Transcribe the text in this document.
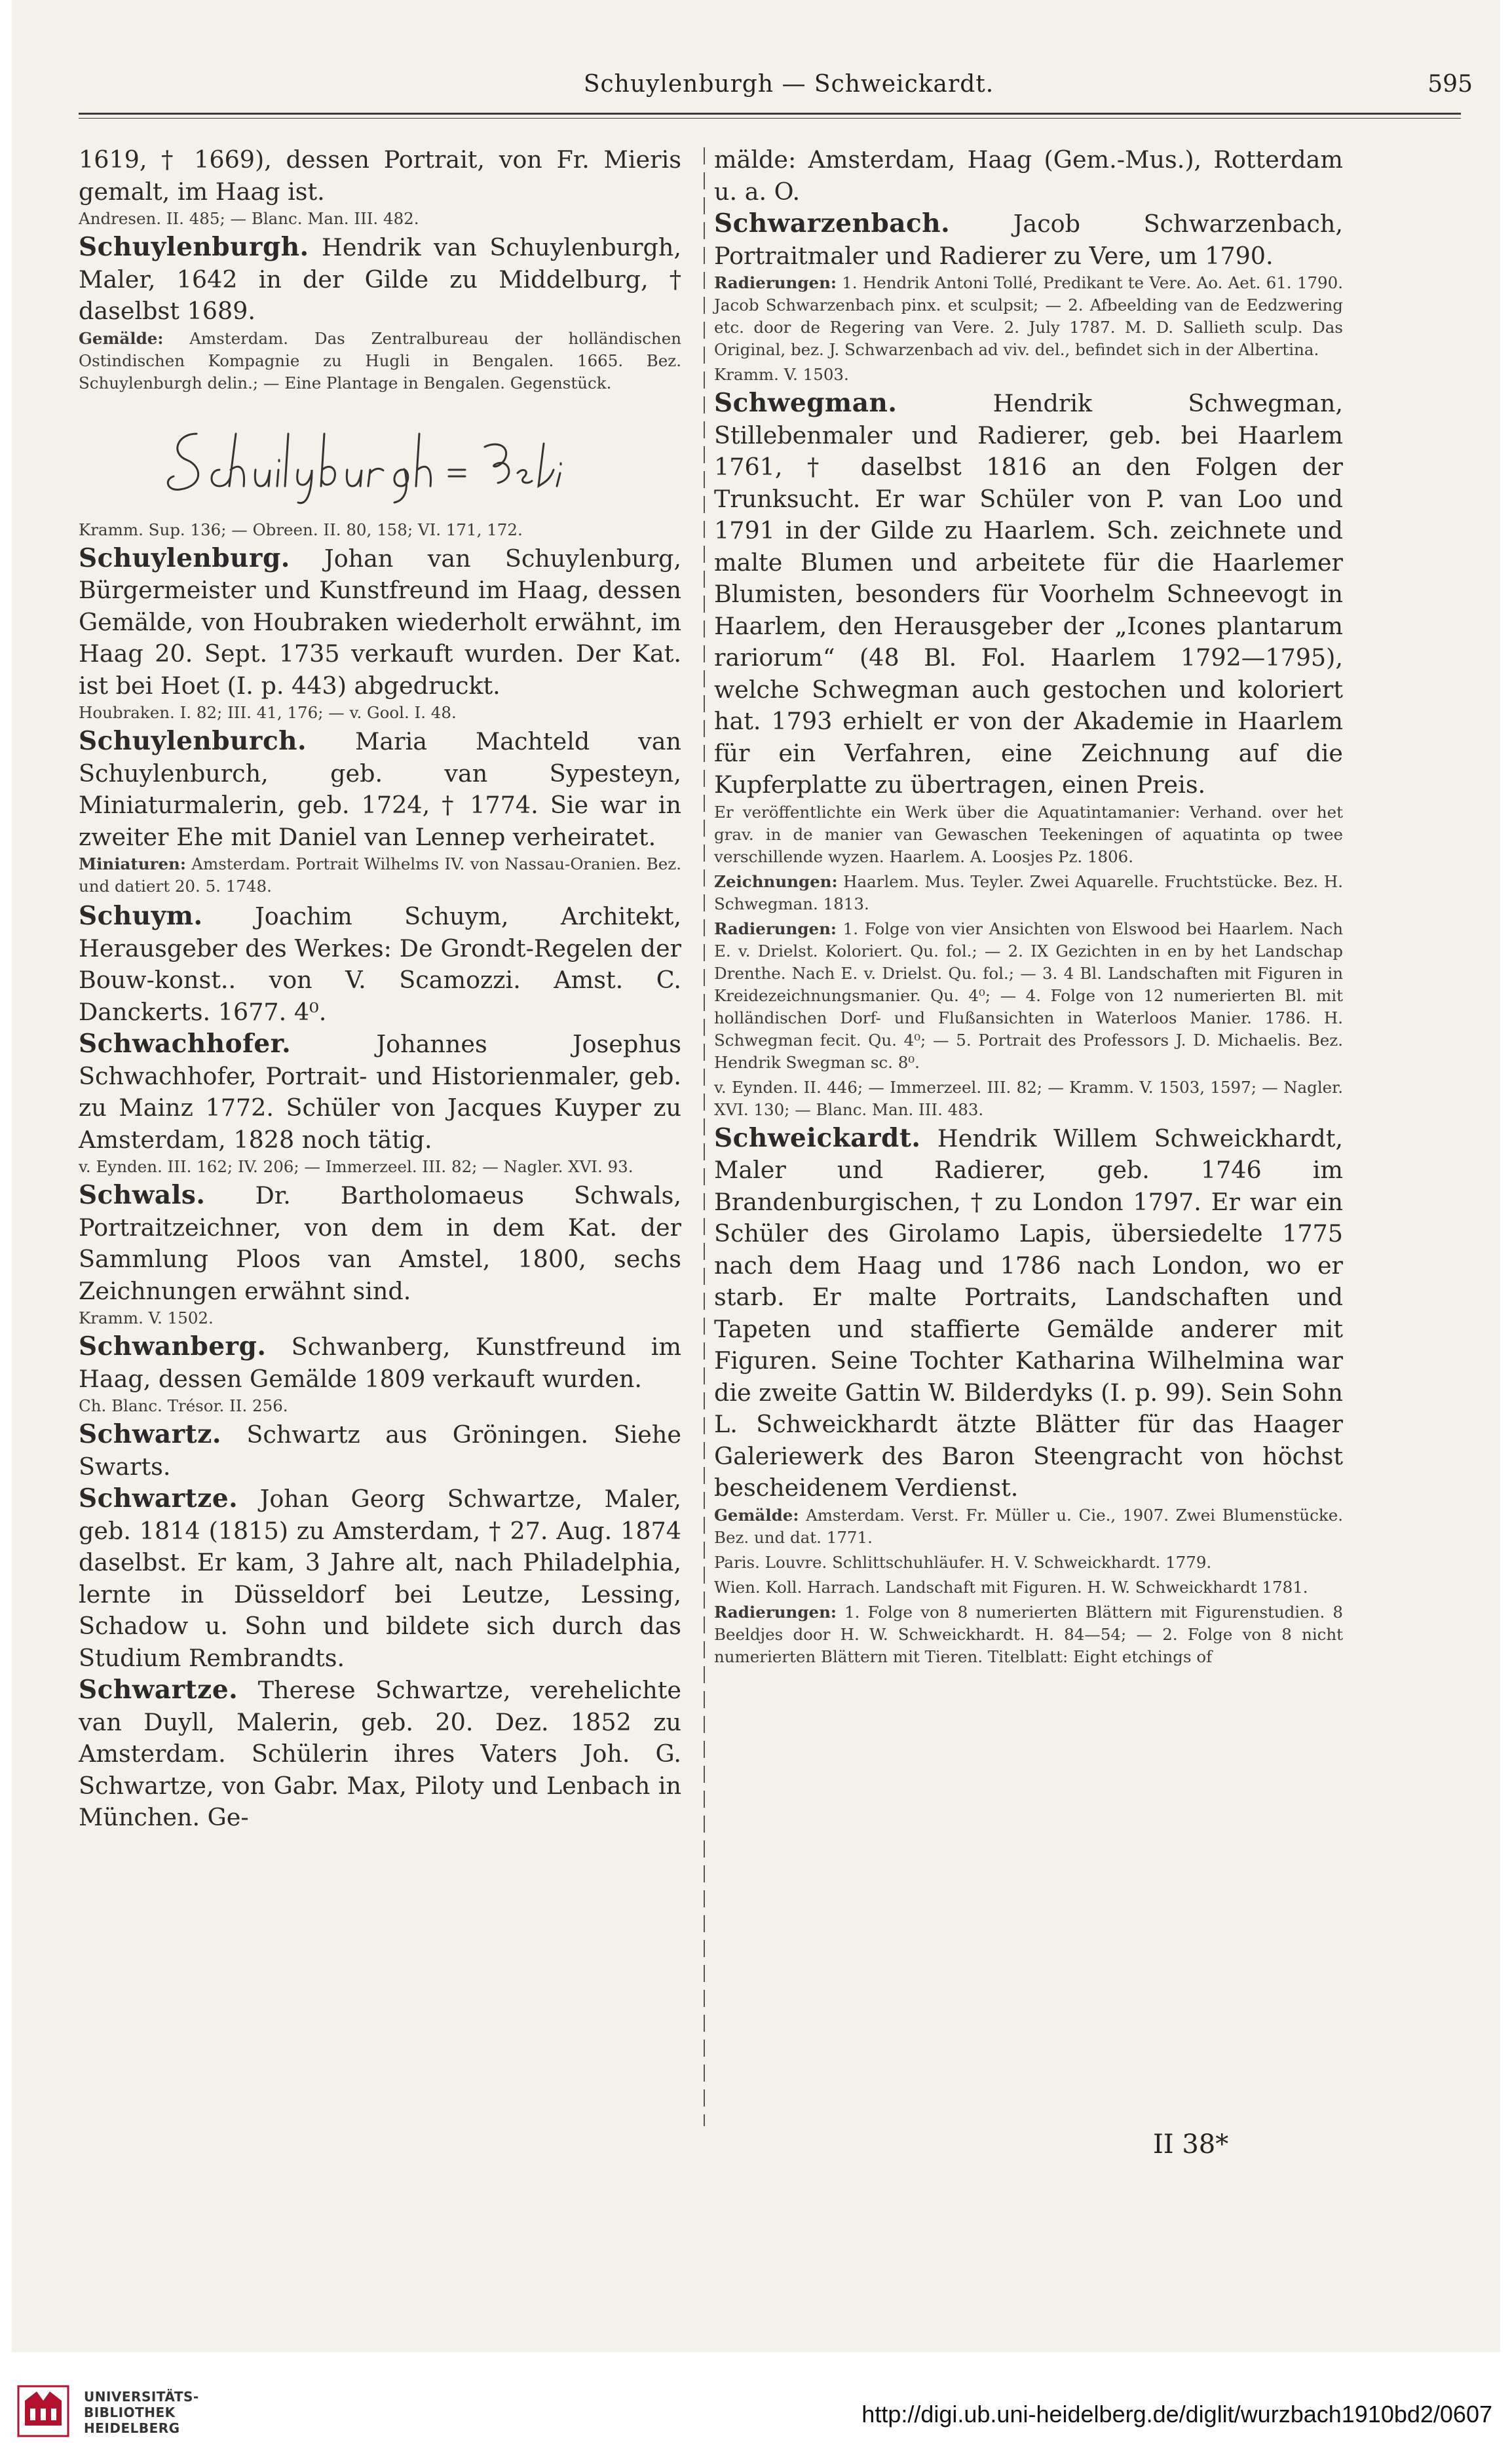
Schuylenburgh — Schweickardt.	595

1619, † 1669), dessen Portrait, von Fr. Mieris gemalt, im Haag ist.

Andresen. II. 485; — Blanc. Man. III. 482.

Schuylenburgh. Hendrik van Schuylenburgh, Maler, 1642 in der Gilde zu Middelburg, † daselbst 1689.

Gemälde: Amsterdam. Das Zentralbureau der holländischen Ostindischen Kompagnie zu Hugli in Bengalen. 1665. Bez. Schuylenburgh delin.; — Eine Plantage in Bengalen. Gegenstück.

Kramm. Sup. 136; — Obreen. II. 80, 158; VI. 171, 172.

Schuylenburg. Johan van Schuylenburg, Bürgermeister und Kunstfreund im Haag, dessen Gemälde, von Houbraken wiederholt erwähnt, im Haag 20. Sept. 1735 verkauft wurden. Der Kat. ist bei Hoet (I. p. 443) abgedruckt.

Houbraken. I. 82; III. 41, 176; — v. Gool. I. 48.

Schuylenburch. Maria Machteld van Schuylenburch, geb. van Sypesteyn, Miniaturmalerin, geb. 1724, † 1774. Sie war in zweiter Ehe mit Daniel van Lennep verheiratet.

Miniaturen: Amsterdam. Portrait Wilhelms IV. von Nassau-Oranien. Bez. und datiert 20. 5. 1748.

Schuym. Joachim Schuym, Architekt, Herausgeber des Werkes: De Grondt-Regelen der Bouw-konst.. von V. Scamozzi. Amst. C. Danckerts. 1677. 4⁰.

Schwachhofer. Johannes Josephus Schwachhofer, Portrait- und Historienmaler, geb. zu Mainz 1772. Schüler von Jacques Kuyper zu Amsterdam, 1828 noch tätig.

v. Eynden. III. 162; IV. 206; — Immerzeel. III. 82; — Nagler. XVI. 93.

Schwals. Dr. Bartholomaeus Schwals, Portraitzeichner, von dem in dem Kat. der Sammlung Ploos van Amstel, 1800, sechs Zeichnungen erwähnt sind.

Kramm. V. 1502.

Schwanberg. Schwanberg, Kunstfreund im Haag, dessen Gemälde 1809 verkauft wurden.

Ch. Blanc. Trésor. II. 256.

Schwartz. Schwartz aus Gröningen. Siehe Swarts.

Schwartze. Johan Georg Schwartze, Maler, geb. 1814 (1815) zu Amsterdam, † 27. Aug. 1874 daselbst. Er kam, 3 Jahre alt, nach Philadelphia, lernte in Düsseldorf bei Leutze, Lessing, Schadow u. Sohn und bildete sich durch das Studium Rembrandts.

Schwartze. Therese Schwartze, verehelichte van Duyll, Malerin, geb. 20. Dez. 1852 zu Amsterdam. Schülerin ihres Vaters Joh. G. Schwartze, von Gabr. Max, Piloty und Lenbach in München. Ge-

mälde: Amsterdam, Haag (Gem.-Mus.), Rotterdam u. a. O.

Schwarzenbach. Jacob Schwarzenbach, Portraitmaler und Radierer zu Vere, um 1790.

Radierungen: 1. Hendrik Antoni Tollé, Predikant te Vere. Ao. Aet. 61. 1790. Jacob Schwarzenbach pinx. et sculpsit; — 2. Afbeelding van de Eedzwering etc. door de Regering van Vere. 2. July 1787. M. D. Sallieth sculp. Das Original, bez. J. Schwarzenbach ad viv. del., befindet sich in der Albertina.

Kramm. V. 1503.

Schwegman. Hendrik Schwegman, Stillebenmaler und Radierer, geb. bei Haarlem 1761, † daselbst 1816 an den Folgen der Trunksucht. Er war Schüler von P. van Loo und 1791 in der Gilde zu Haarlem. Sch. zeichnete und malte Blumen und arbeitete für die Haarlemer Blumisten, besonders für Voorhelm Schneevogt in Haarlem, den Herausgeber der „Icones plantarum rariorum“ (48 Bl. Fol. Haarlem 1792—1795), welche Schwegman auch gestochen und koloriert hat. 1793 erhielt er von der Akademie in Haarlem für ein Verfahren, eine Zeichnung auf die Kupferplatte zu übertragen, einen Preis.

Er veröffentlichte ein Werk über die Aquatintamanier: Verhand. over het grav. in de manier van Gewaschen Teekeningen of aquatinta op twee verschillende wyzen. Haarlem. A. Loosjes Pz. 1806.

Zeichnungen: Haarlem. Mus. Teyler. Zwei Aquarelle. Fruchtstücke. Bez. H. Schwegman. 1813.

Radierungen: 1. Folge von vier Ansichten von Elswood bei Haarlem. Nach E. v. Drielst. Koloriert. Qu. fol.; — 2. IX Gezichten in en by het Landschap Drenthe. Nach E. v. Drielst. Qu. fol.; — 3. 4 Bl. Landschaften mit Figuren in Kreidezeichnungsmanier. Qu. 4⁰; — 4. Folge von 12 numerierten Bl. mit holländischen Dorf- und Flußansichten in Waterloos Manier. 1786. H. Schwegman fecit. Qu. 4⁰; — 5. Portrait des Professors J. D. Michaelis. Bez. Hendrik Swegman sc. 8⁰.

v. Eynden. II. 446; — Immerzeel. III. 82; — Kramm. V. 1503, 1597; — Nagler. XVI. 130; — Blanc. Man. III. 483.

Schweickardt. Hendrik Willem Schweickhardt, Maler und Radierer, geb. 1746 im Brandenburgischen, † zu London 1797. Er war ein Schüler des Girolamo Lapis, übersiedelte 1775 nach dem Haag und 1786 nach London, wo er starb. Er malte Portraits, Landschaften und Tapeten und staffierte Gemälde anderer mit Figuren. Seine Tochter Katharina Wilhelmina war die zweite Gattin W. Bilderdyks (I. p. 99). Sein Sohn L. Schweickhardt ätzte Blätter für das Haager Galeriewerk des Baron Steengracht von höchst bescheidenem Verdienst.

Gemälde: Amsterdam. Verst. Fr. Müller u. Cie., 1907. Zwei Blumenstücke. Bez. und dat. 1771.

Paris. Louvre. Schlittschuhläufer. H. V. Schweickhardt. 1779.

Wien. Koll. Harrach. Landschaft mit Figuren. H. W. Schweickhardt 1781.

Radierungen: 1. Folge von 8 numerierten Blättern mit Figurenstudien. 8 Beeldjes door H. W. Schweickhardt. H. 84—54; — 2. Folge von 8 nicht numerierten Blättern mit Tieren. Titelblatt: Eight etchings of

II 38*
UNIVERSITÄTS-
BIBLIOTHEK
HEIDELBERG
http://digi.ub.uni-heidelberg.de/diglit/wurzbach1910bd2/0607
